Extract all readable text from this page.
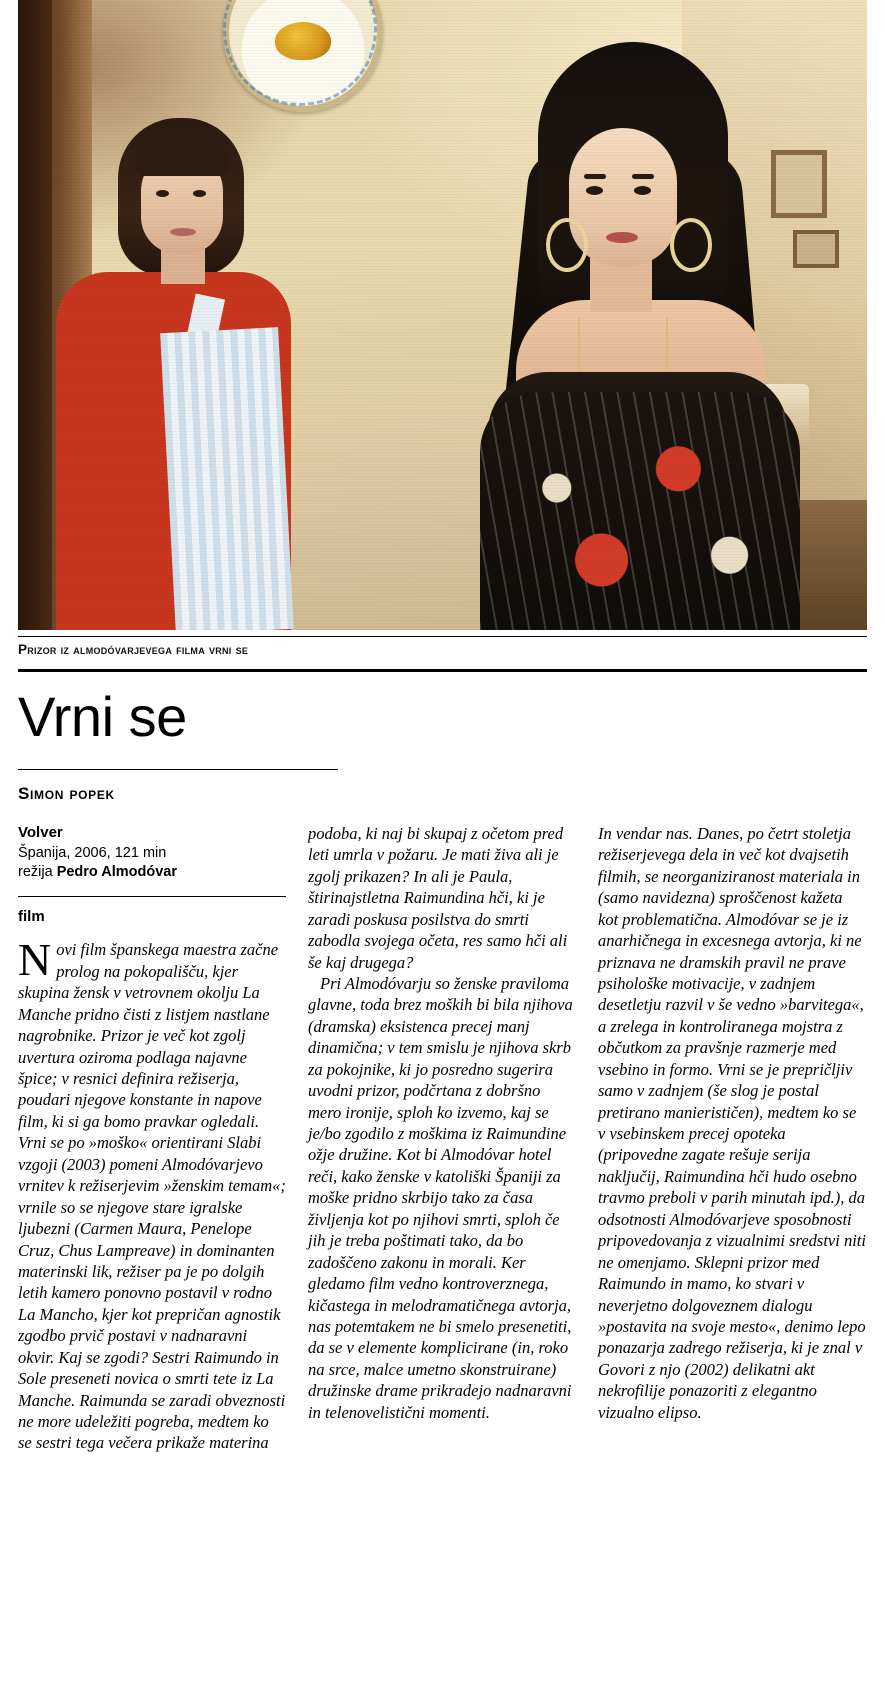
Prizor iz almodóvarjevega filma vrni se
Vrni se
Simon popek
Volver
Španija, 2006, 121 min
režija Pedro Almodóvar
film

Novi film španskega maestra začne prolog na pokopališču, kjer skupina žensk v vetrovnem okolju La Manche pridno čisti z listjem nastlane nagrobnike. Prizor je več kot zgolj uvertura oziroma podlaga najavne špice; v resnici definira režiserja, poudari njegove konstante in napove film, ki si ga bomo pravkar ogledali. Vrni se po »moško« orientirani Slabi vzgoji (2003) pomeni Almodóvarjevo vrnitev k režiserjevim »ženskim temam«; vrnile so se njegove stare igralske ljubezni (Carmen Maura, Penelope Cruz, Chus Lampreave) in dominanten materinski lik, režiser pa je po dolgih letih kamero ponovno postavil v rodno La Mancho, kjer kot prepričan agnostik zgodbo prvič postavi v nadnaravni okvir. Kaj se zgodi? Sestri Raimundo in Sole preseneti novica o smrti tete iz La Manche. Raimunda se zaradi obveznosti ne more udeležiti pogreba, medtem ko se sestri tega večera prikaže materina

podoba, ki naj bi skupaj z očetom pred leti umrla v požaru. Je mati živa ali je zgolj prikazen? In ali je Paula, štirinajstletna Raimundina hči, ki je zaradi poskusa posilstva do smrti zabodla svojega očeta, res samo hči ali še kaj drugega?

Pri Almodóvarju so ženske praviloma glavne, toda brez moških bi bila njihova (dramska) eksistenca precej manj dinamična; v tem smislu je njihova skrb za pokojnike, ki jo posredno sugerira uvodni prizor, podčrtana z dobršno mero ironije, sploh ko izvemo, kaj se je/bo zgodilo z moškima iz Raimundine ožje družine. Kot bi Almodóvar hotel reči, kako ženske v katoliški Španiji za moške pridno skrbijo tako za časa življenja kot po njihovi smrti, sploh če jih je treba poštimati tako, da bo zadoščeno zakonu in morali. Ker gledamo film vedno kontroverznega, kičastega in melodramatičnega avtorja, nas potemtakem ne bi smelo presenetiti, da se v elemente komplicirane (in, roko na srce, malce umetno skonstruirane) družinske drame prikradejo nadnaravni in telenovelistični momenti.

In vendar nas. Danes, po četrt stoletja režiserjevega dela in več kot dvajsetih filmih, se neorganiziranost materiala in (samo navidezna) sproščenost kažeta kot problematična. Almodóvar se je iz anarhičnega in excesnega avtorja, ki ne priznava ne dramskih pravil ne prave psihološke motivacije, v zadnjem desetletju razvil v še vedno »barvitega«, a zrelega in kontroliranega mojstra z občutkom za pravšnje razmerje med vsebino in formo. Vrni se je prepričljiv samo v zadnjem (še slog je postal pretirano manierističen), medtem ko se v vsebinskem precej opoteka (pripovedne zagate rešuje serija naključij, Raimundina hči hudo osebno travmo preboli v parih minutah ipd.), da odsotnosti Almodóvarjeve sposobnosti pripovedovanja z vizualnimi sredstvi niti ne omenjamo. Sklepni prizor med Raimundo in mamo, ko stvari v neverjetno dolgoveznem dialogu »postavita na svoje mesto«, denimo lepo ponazarja zadrego režiserja, ki je znal v Govori z njo (2002) delikatni akt nekrofilije ponazoriti z elegantno vizualno elipso.
